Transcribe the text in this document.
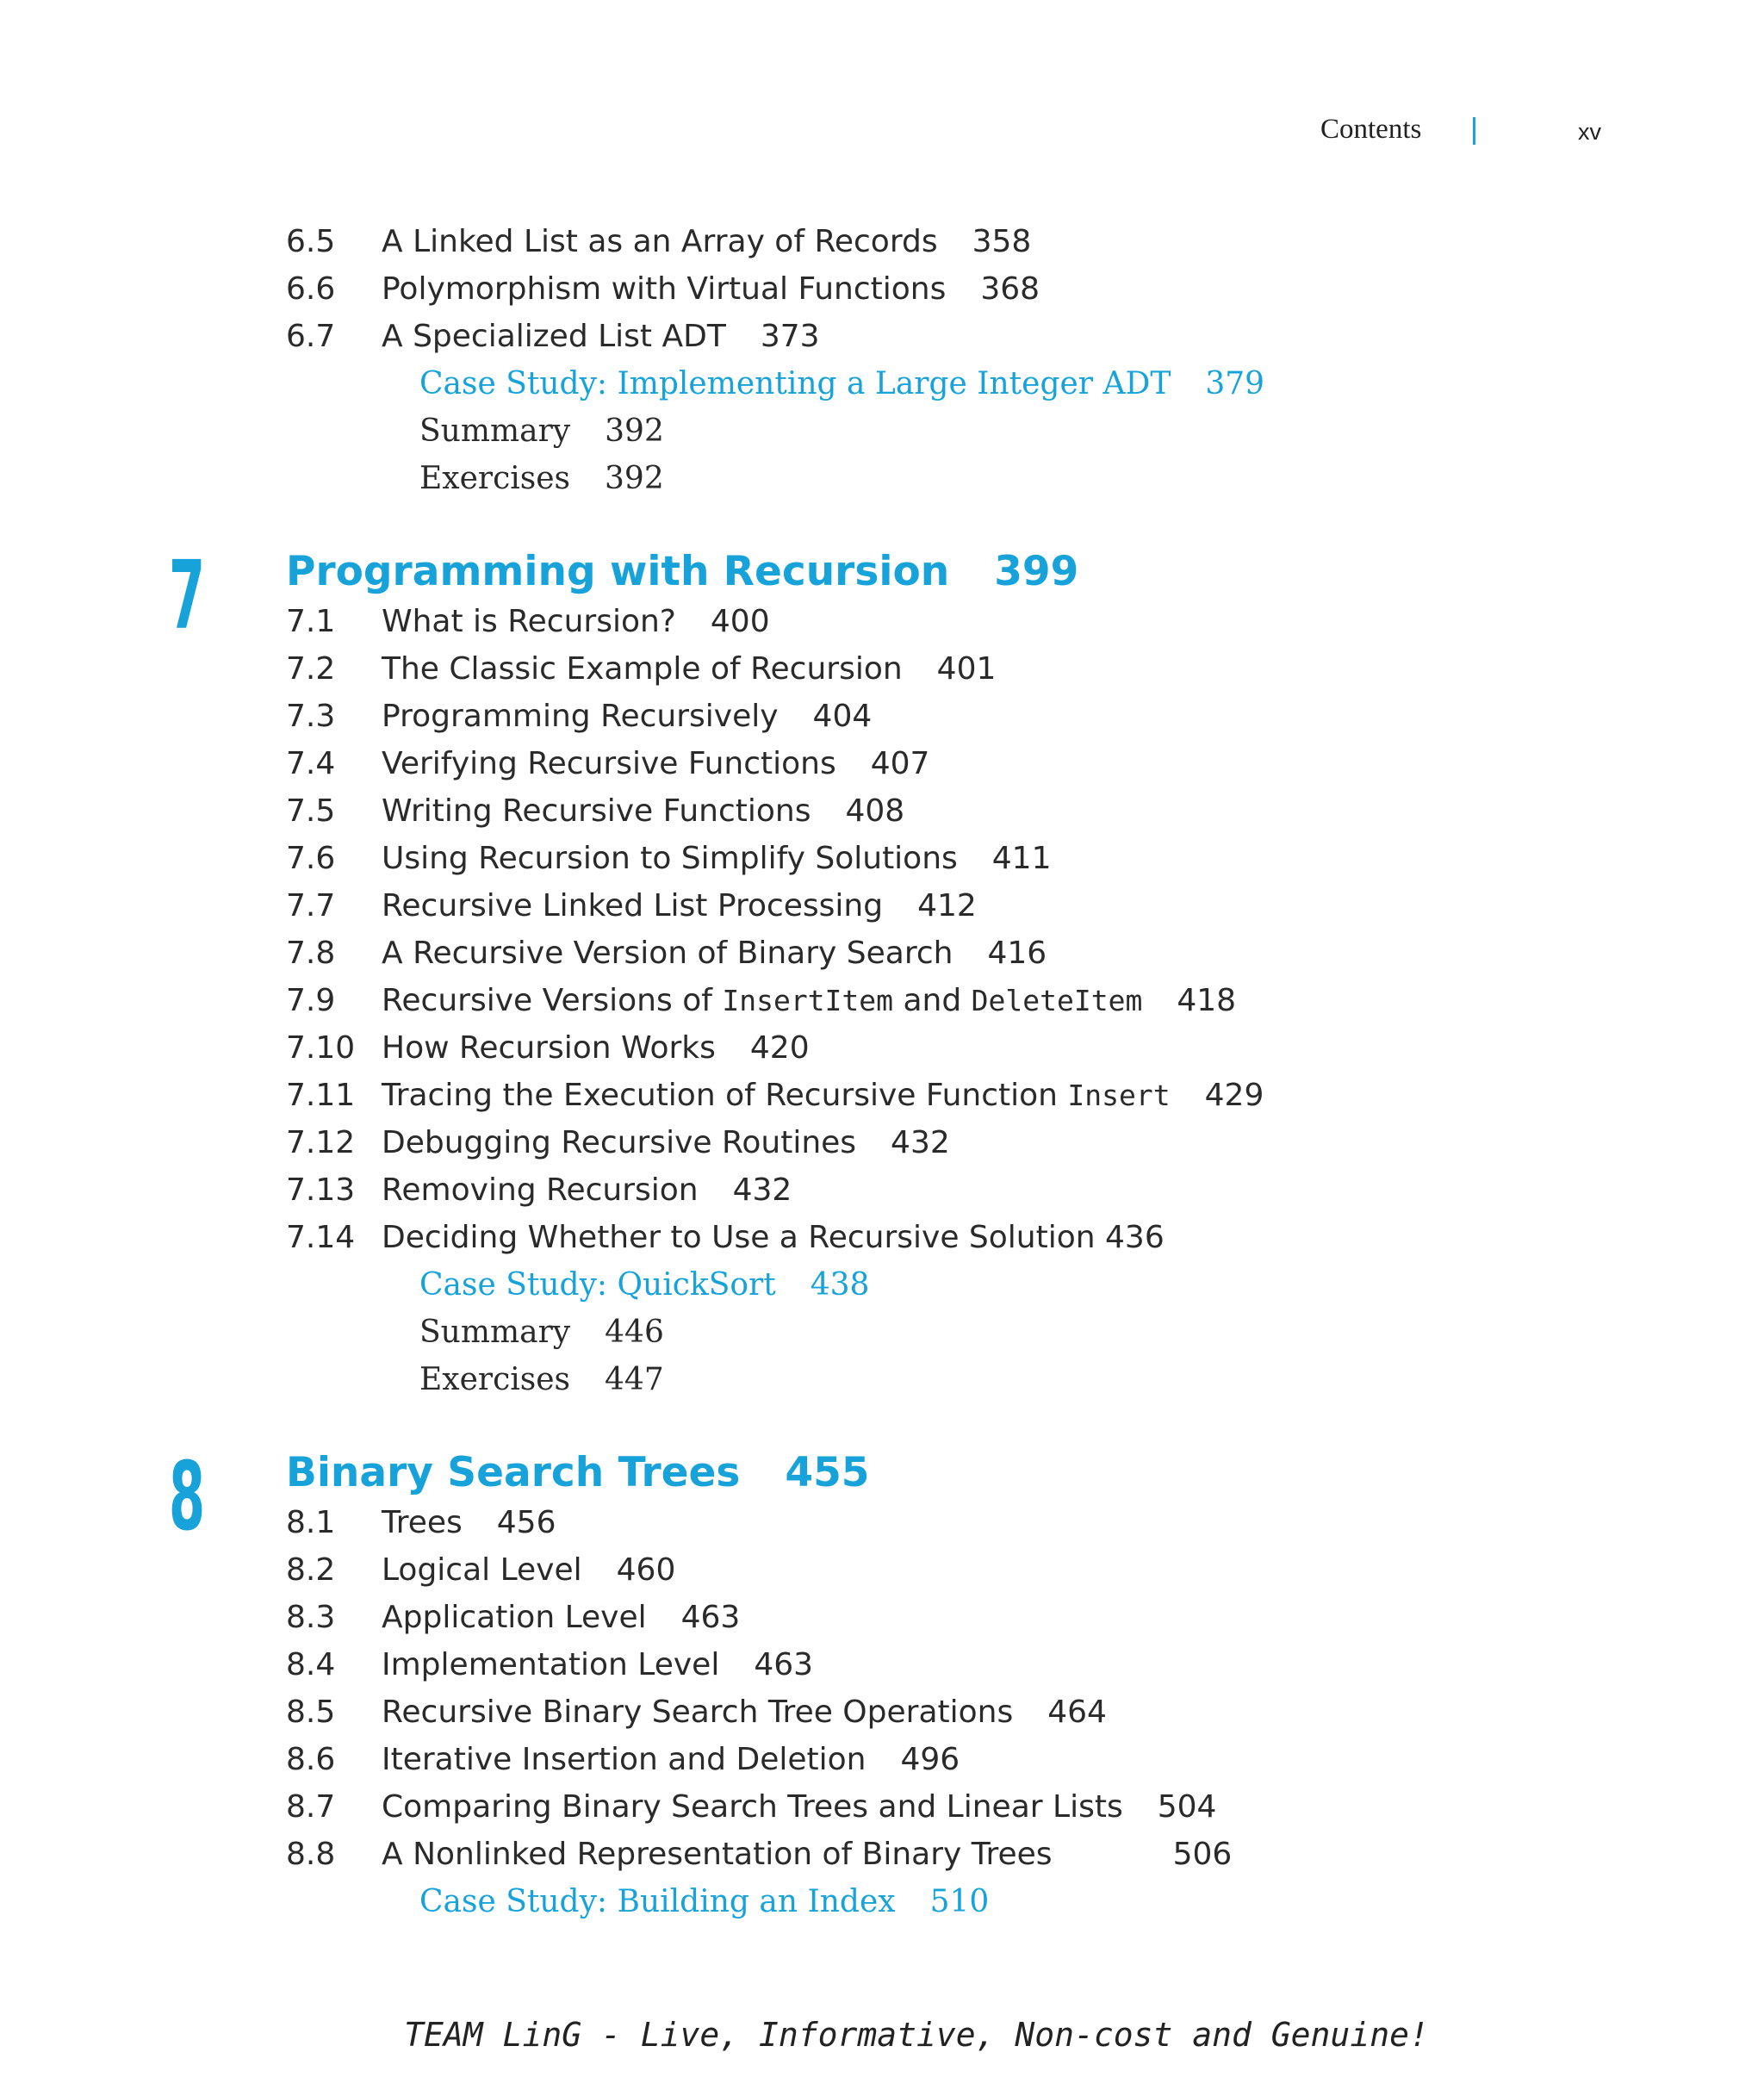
Contents	xv
6.5 A Linked List as an Array of Records 358
6.6 Polymorphism with Virtual Functions 368
6.7 A Specialized List ADT 373
Case Study: Implementing a Large Integer ADT 379
Summary 392
Exercises 392
7 Programming with Recursion 399
7.1 What is Recursion? 400
7.2 The Classic Example of Recursion 401
7.3 Programming Recursively 404
7.4 Verifying Recursive Functions 407
7.5 Writing Recursive Functions 408
7.6 Using Recursion to Simplify Solutions 411
7.7 Recursive Linked List Processing 412
7.8 A Recursive Version of Binary Search 416
7.9 Recursive Versions of InsertItem and DeleteItem 418
7.10 How Recursion Works 420
7.11 Tracing the Execution of Recursive Function Insert 429
7.12 Debugging Recursive Routines 432
7.13 Removing Recursion 432
7.14 Deciding Whether to Use a Recursive Solution 436
Case Study: QuickSort 438
Summary 446
Exercises 447
8 Binary Search Trees 455
8.1 Trees 456
8.2 Logical Level 460
8.3 Application Level 463
8.4 Implementation Level 463
8.5 Recursive Binary Search Tree Operations 464
8.6 Iterative Insertion and Deletion 496
8.7 Comparing Binary Search Trees and Linear Lists 504
8.8 A Nonlinked Representation of Binary Trees	506
Case Study: Building an Index 510
TEAM LinG - Live, Informative, Non-cost and Genuine!
